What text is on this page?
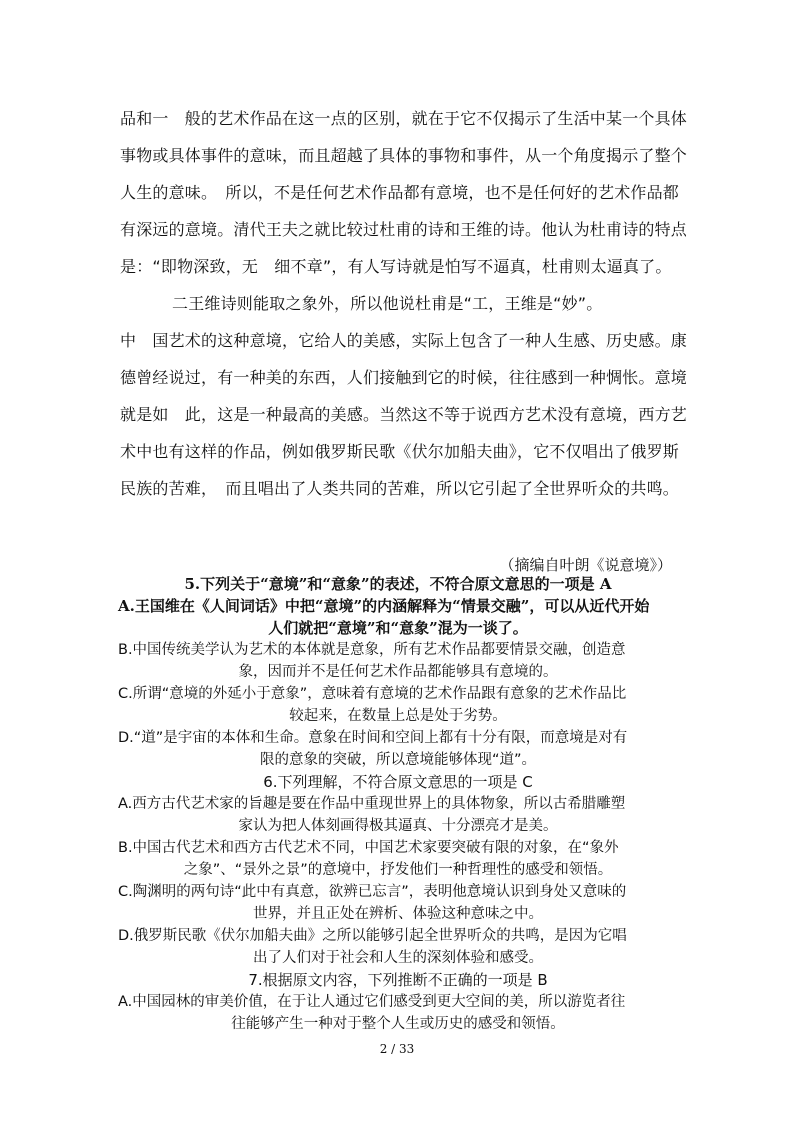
品和一　般的艺术作品在这一点的区别，就在于它不仅揭示了生活中某一个具体
事物或具体事件的意味，而且超越了具体的事物和事件，从一个角度揭示了整个
人生的意味。　所以，不是任何艺术作品都有意境，也不是任何好的艺术作品都
有深远的意境。清代王夫之就比较过杜甫的诗和王维的诗。他认为杜甫诗的特点
是：“即物深致，无　细不章”，有人写诗就是怕写不逼真，杜甫则太逼真了。
二王维诗则能取之象外，所以他说杜甫是“工，王维是“妙”。
中　国艺术的这种意境，它给人的美感，实际上包含了一种人生感、历史感。康
德曾经说过，有一种美的东西，人们接触到它的时候，往往感到一种惆怅。意境
就是如　此，这是一种最高的美感。当然这不等于说西方艺术没有意境，西方艺
术中也有这样的作品，例如俄罗斯民歌《伏尔加船夫曲》，它不仅唱出了俄罗斯
民族的苦难，　而且唱出了人类共同的苦难，所以它引起了全世界听众的共鸣。
（摘编自叶朗《说意境》）
5.下列关于“意境”和“意象”的表述，不符合原文意思的一项是 A
A.王国维在《人间词话》中把“意境”的内涵解释为“情景交融”，可以从近代开始
人们就把“意境”和“意象”混为一谈了。
B.中国传统美学认为艺术的本体就是意象，所有艺术作品都要情景交融，创造意
象，因而并不是任何艺术作品都能够具有意境的。
C.所谓“意境的外延小于意象”，意味着有意境的艺术作品跟有意象的艺术作品比
较起来，在数量上总是处于劣势。
D.“道”是宇宙的本体和生命。意象在时间和空间上都有十分有限，而意境是对有
限的意象的突破，所以意境能够体现“道”。
6.下列理解，不符合原文意思的一项是 C
A.西方古代艺术家的旨趣是要在作品中重现世界上的具体物象，所以古希腊雕塑
家认为把人体刻画得极其逼真、十分漂亮才是美。
B.中国古代艺术和西方古代艺术不同，中国艺术家要突破有限的对象，在“象外
之象”、“景外之景”的意境中，抒发他们一种哲理性的感受和领悟。
C.陶渊明的两句诗“此中有真意，欲辨已忘言”，表明他意境认识到身处又意味的
世界，并且正处在辨析、体验这种意味之中。
D.俄罗斯民歌《伏尔加船夫曲》之所以能够引起全世界听众的共鸣，是因为它唱
出了人们对于社会和人生的深刻体验和感受。
7.根据原文内容，下列推断不正确的一项是 B
A.中国园林的审美价值，在于让人通过它们感受到更大空间的美，所以游览者往
往能够产生一种对于整个人生或历史的感受和领悟。
2 / 33
